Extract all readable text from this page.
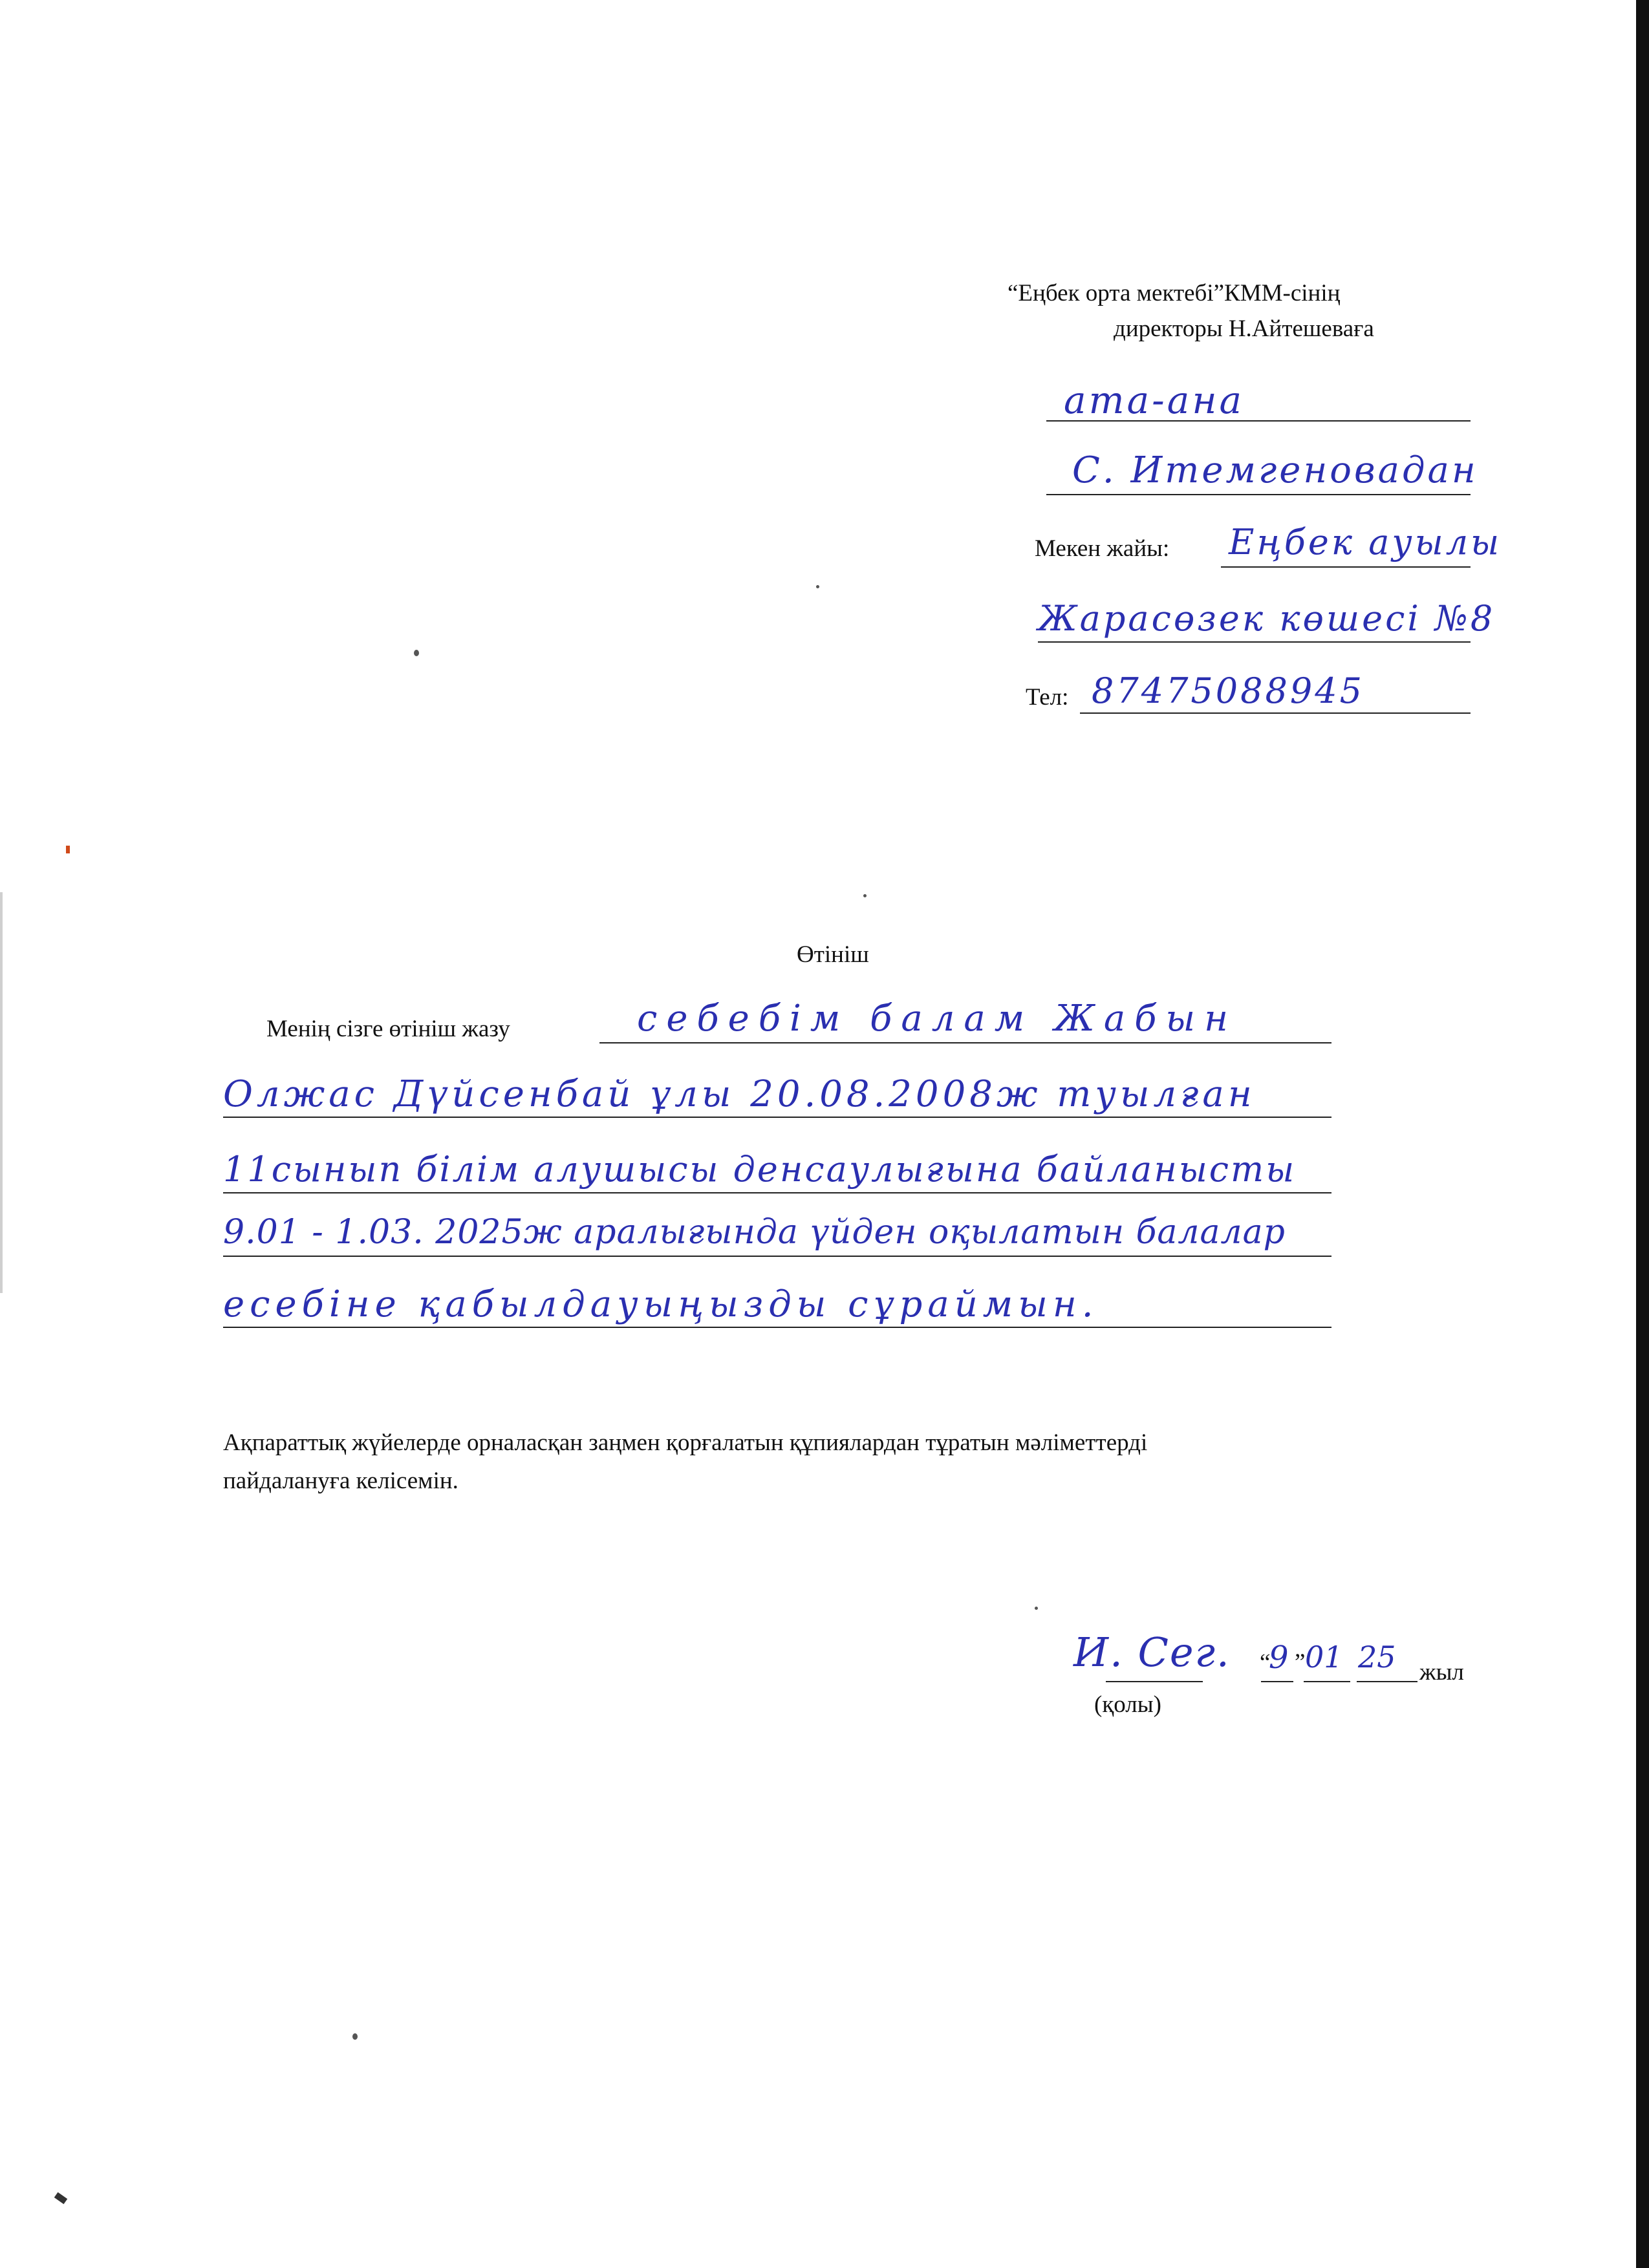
“Еңбек орта мектебі”КММ-сінің
директоры Н.Айтешеваға
ата-ана
С. Итемгеновадан
Мекен жайы: Еңбек ауылы
Жарасөзек көшесі №8
Тел: 87475088945
Өтініш
Менің сізге өтініш жазу	себебім балам Жабын
Олжас Дүйсенбай ұлы 20.08.2008ж туылған
11сынып білім алушысы денсаулығына байланысты
9.01 - 1.03. 2025ж аралығында үйден оқылатын балалар
есебіне қабылдауыңызды сұраймын.
Ақпараттық жүйелерде орналасқан заңмен қорғалатын құпиялардан тұратын мәліметтерді
пайдалануға келісемін.
И. Сег. “
9 ” 01 25 жыл
(қолы)
